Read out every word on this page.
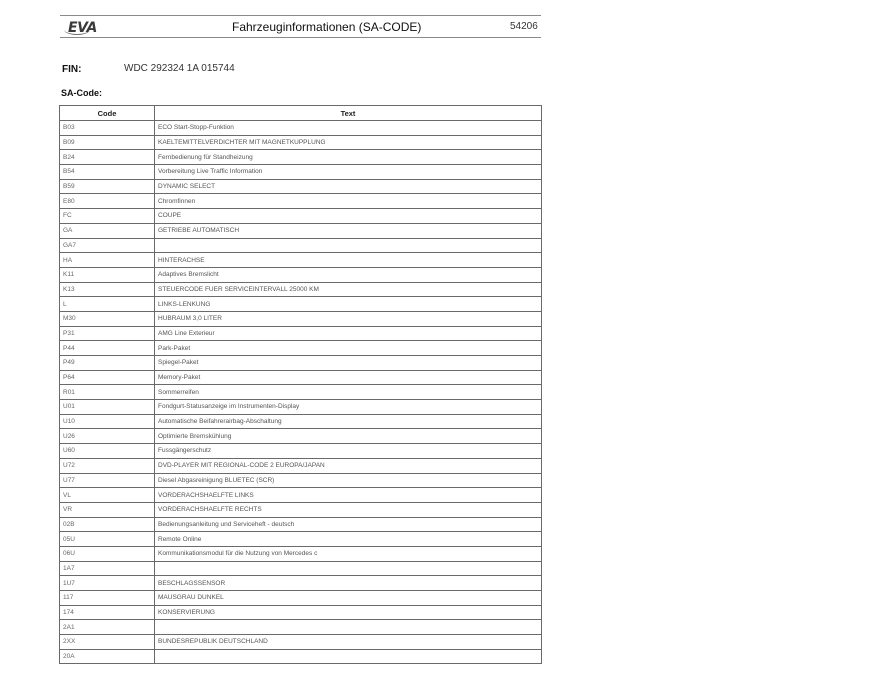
EVA	Fahrzeuginformationen (SA-CODE)	54206
FIN:	WDC 292324 1A 015744
SA-Code:
Code	Text
B03	ECO Start-Stopp-Funktion
B09	KAELTEMITTELVERDICHTER MIT MAGNETKUPPLUNG
B24	Fernbedienung für Standheizung
B54	Vorbereitung Live Traffic Information
B59	DYNAMIC SELECT
E80	Chromfinnen
FC	COUPE
GA	GETRIEBE AUTOMATISCH
GA7	
HA	HINTERACHSE
K11	Adaptives Bremslicht
K13	STEUERCODE FUER SERVICEINTERVALL 25000 KM
L	LINKS-LENKUNG
M30	HUBRAUM 3,0 LITER
P31	AMG Line Exterieur
P44	Park-Paket
P49	Spiegel-Paket
P64	Memory-Paket
R01	Sommerreifen
U01	Fondgurt-Statusanzeige im Instrumenten-Display
U10	Automatische Beifahrerairbag-Abschaltung
U26	Optimierte Bremskühlung
U60	Fussgängerschutz
U72	DVD-PLAYER MIT REGIONAL-CODE 2 EUROPA/JAPAN
U77	Diesel Abgasreinigung BLUETEC (SCR)
VL	VORDERACHSHAELFTE LINKS
VR	VORDERACHSHAELFTE RECHTS
02B	Bedienungsanleitung und Serviceheft - deutsch
05U	Remote Online
06U	Kommunikationsmodul für die Nutzung von Mercedes c
1A7	
1U7	BESCHLAGSSENSOR
117	MAUSGRAU DUNKEL
174	KONSERVIERUNG
2A1	
2XX	BUNDESREPUBLIK DEUTSCHLAND
20A	
